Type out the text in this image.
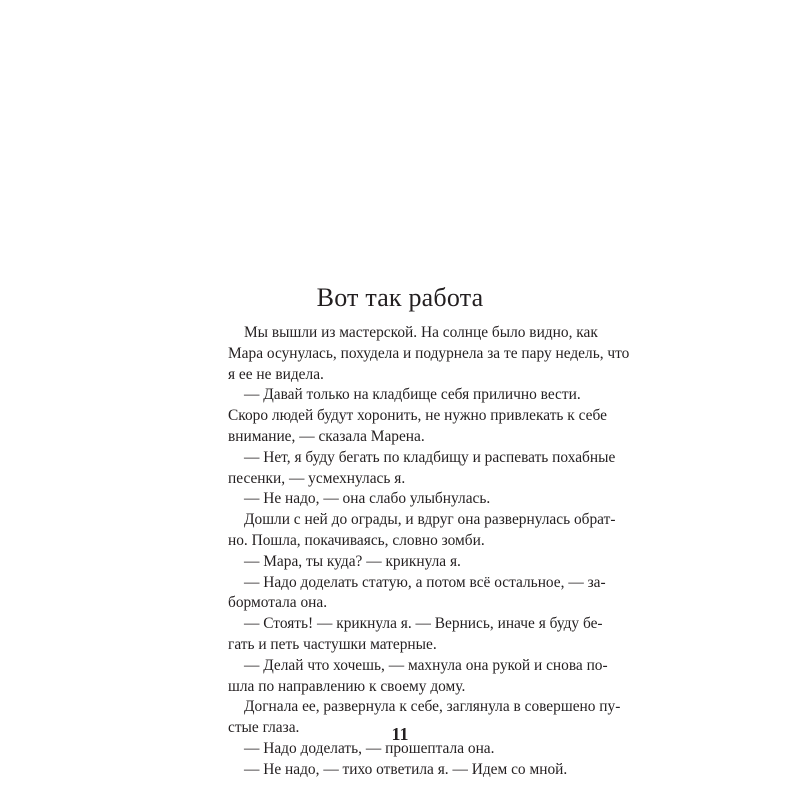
Вот так работа
Мы вышли из мастерской. На солнце было видно, как
Мара осунулась, похудела и подурнела за те пару недель, что
я ее не видела.
— Давай только на кладбище себя прилично вести.
Скоро людей будут хоронить, не нужно привлекать к себе
внимание, — сказала Марена.
— Нет, я буду бегать по кладбищу и распевать похабные
песенки, — усмехнулась я.
— Не надо, — она слабо улыбнулась.
Дошли с ней до ограды, и вдруг она развернулась обрат-
но. Пошла, покачиваясь, словно зомби.
— Мара, ты куда? — крикнула я.
— Надо доделать статую, а потом всё остальное, — за-
бормотала она.
— Стоять! — крикнула я. — Вернись, иначе я буду бе-
гать и петь частушки матерные.
— Делай что хочешь, — махнула она рукой и снова по-
шла по направлению к своему дому.
Догнала ее, развернула к себе, заглянула в совершено пу-
стые глаза.
— Надо доделать, — прошептала она.
— Не надо, — тихо ответила я. — Идем со мной.
11
